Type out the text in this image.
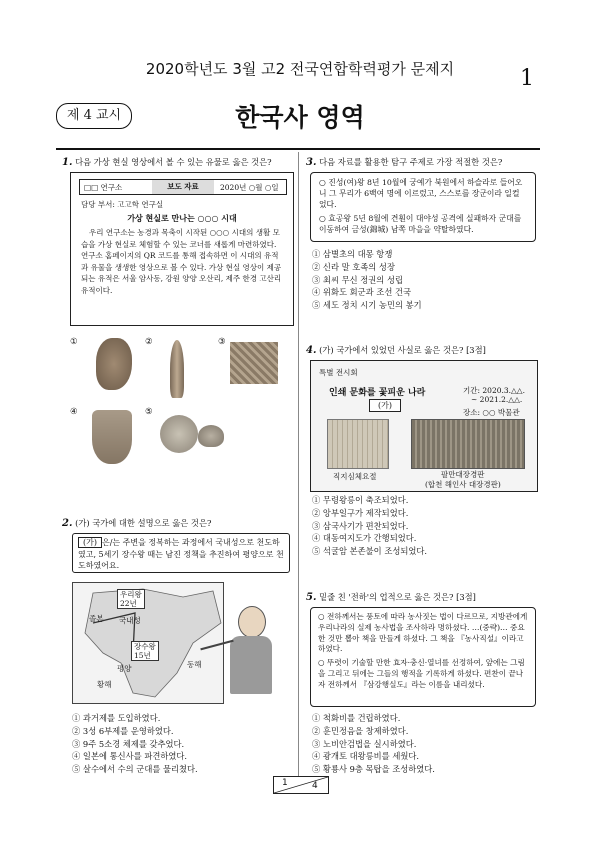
2020학년도 3월 고2 전국연합학력평가 문제지	1
제 4 교시	한국사 영역
1. 다음 가상 현실 영상에서 볼 수 있는 유물로 옳은 것은?
□□ 연구소	보도 자료	2020년 ○월 ○일
담당 부서: 고고학 연구실
가상 현실로 만나는 ○○○ 시대
우리 연구소는 농경과 목축이 시작된 ○○○ 시대의 생활 모습을 가상 현실로 체험할 수 있는 코너를 새롭게 마련하였다. 연구소 홈페이지의 QR 코드를 통해 접속하면 이 시대의 유적과 유물을 생생한 영상으로 볼 수 있다. 가상 현실 영상이 제공되는 유적은 서울 암사동, 강원 양양 오산리, 제주 한경 고산리 유적이다.
①	②	③
④	⑤
2. (가) 국가에 대한 설명으로 옳은 것은?
(가) 은/는 주변을 정복하는 과정에서 국내성으로 천도하였고, 5세기 장수왕 때는 남진 정책을 추진하여 평양으로 천도하였어요.
우리왕
22년
국내성
졸본
장수왕
15년
평양	동해
황해
① 과거제를 도입하였다.
② 3성 6부제를 운영하였다.
③ 9주 5소경 체제를 갖추었다.
④ 일본에 통신사를 파견하였다.
⑤ 살수에서 수의 군대를 물리쳤다.
3. 다음 자료를 활용한 탐구 주제로 가장 적절한 것은?
○ 진성(여)왕 8년 10월에 궁예가 북원에서 하슬라로 들어오니 그 무리가 6백여 명에 이르렀고, 스스로를 장군이라 일컬었다.
○ 효공왕 5년 8월에 견훤이 대야성 공격에 실패하자 군대를 이동하여 금성(錦城) 남쪽 마을을 약탈하였다.
① 삼별초의 대몽 항쟁
② 신라 말 호족의 성장
③ 최씨 무신 정권의 성립
④ 위화도 회군과 조선 건국
⑤ 세도 정치 시기 농민의 봉기
4. (가) 국가에서 있었던 사실로 옳은 것은? [3점]
특별 전시회
인쇄 문화를 꽃피운 나라
(가)
기간: 2020.3.△△.
~ 2021.2.△△.
장소: ○○ 박물관
직지심체요절	팔만대장경판
(합천 해인사 대장경판)
① 무령왕릉이 축조되었다.
② 앙부일구가 제작되었다.
③ 삼국사기가 편찬되었다.
④ 대동여지도가 간행되었다.
⑤ 석굴암 본존불이 조성되었다.
5. 밑줄 친 '전하'의 업적으로 옳은 것은? [3점]
○ 전하께서는 풍토에 따라 농사짓는 법이 다르므로, 지방관에게 우리나라의 실제 농사법을 조사하라 명하셨다. …(중략)… 중요한 것만 뽑아 책을 만들게 하셨다. 그 책을 『농사직설』이라고 하였다.
○ 뚜렷이 기술할 만한 효자·충신·열녀를 선정하여, 앞에는 그림을 그리고 뒤에는 그들의 행적을 기록하게 하셨다. 편찬이 끝나자 전하께서 『삼강행실도』라는 이름을 내리셨다.
① 척화비를 건립하였다.
② 훈민정음을 창제하였다.
③ 노비안검법을 실시하였다.
④ 광개토 대왕릉비를 세웠다.
⑤ 황룡사 9층 목탑을 조성하였다.
1	4
